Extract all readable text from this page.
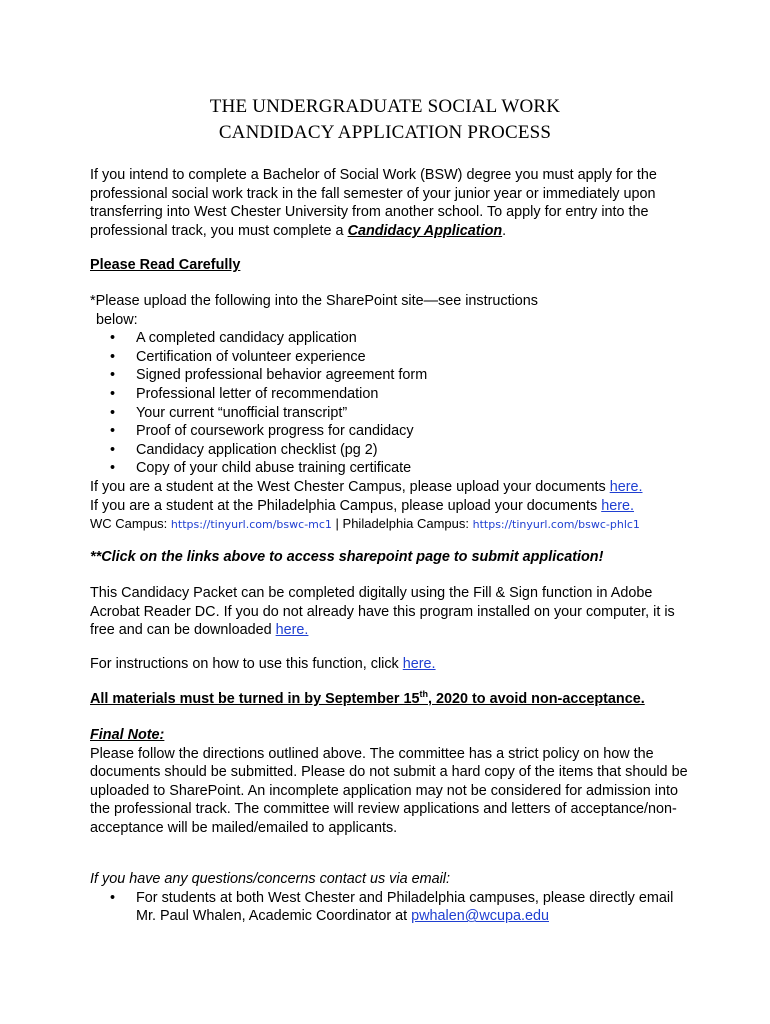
THE UNDERGRADUATE SOCIAL WORK
CANDIDACY APPLICATION PROCESS

If you intend to complete a Bachelor of Social Work (BSW) degree you must apply for the professional social work track in the fall semester of your junior year or immediately upon transferring into West Chester University from another school. To apply for entry into the professional track, you must complete a Candidacy Application.

Please Read Carefully

*Please upload the following into the SharePoint site—see instructions

below:

• A completed candidacy application
• Certification of volunteer experience
• Signed professional behavior agreement form
• Professional letter of recommendation
• Your current “unofficial transcript”
• Proof of coursework progress for candidacy
• Candidacy application checklist (pg 2)
• Copy of your child abuse training certificate

If you are a student at the West Chester Campus, please upload your documents here.

If you are a student at the Philadelphia Campus, please upload your documents here.

WC Campus: https://tinyurl.com/bswc-mc1 | Philadelphia Campus: https://tinyurl.com/bswc-phlc1

**Click on the links above to access sharepoint page to submit application!

This Candidacy Packet can be completed digitally using the Fill & Sign function in Adobe Acrobat Reader DC. If you do not already have this program installed on your computer, it is free and can be downloaded here.

For instructions on how to use this function, click here.

All materials must be turned in by September 15th, 2020 to avoid non-acceptance.

Final Note:

Please follow the directions outlined above. The committee has a strict policy on how the documents should be submitted. Please do not submit a hard copy of the items that should be uploaded to SharePoint. An incomplete application may not be considered for admission into the professional track. The committee will review applications and letters of acceptance/non-acceptance will be mailed/emailed to applicants.

If you have any questions/concerns contact us via email:

• For students at both West Chester and Philadelphia campuses, please directly email Mr. Paul Whalen, Academic Coordinator at pwhalen@wcupa.edu
